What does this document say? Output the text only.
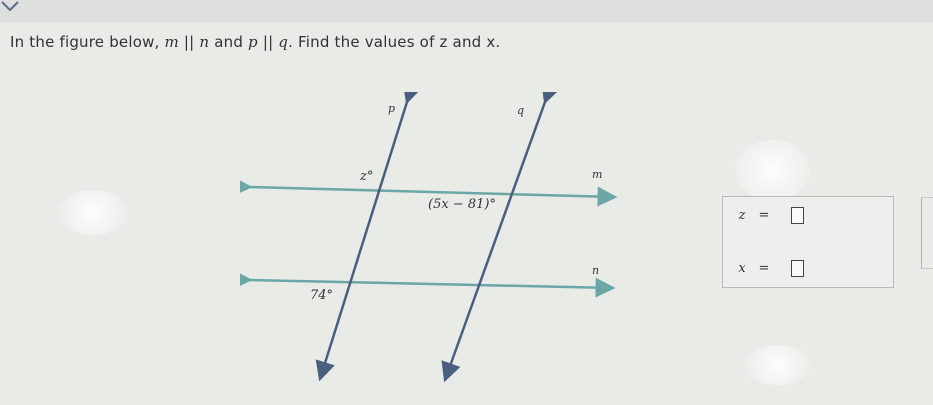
In the figure below, m || n and p || q. Find the values of z and x.
p	q
m
n
z°
(5x − 81)°
74°
z	=
x =
